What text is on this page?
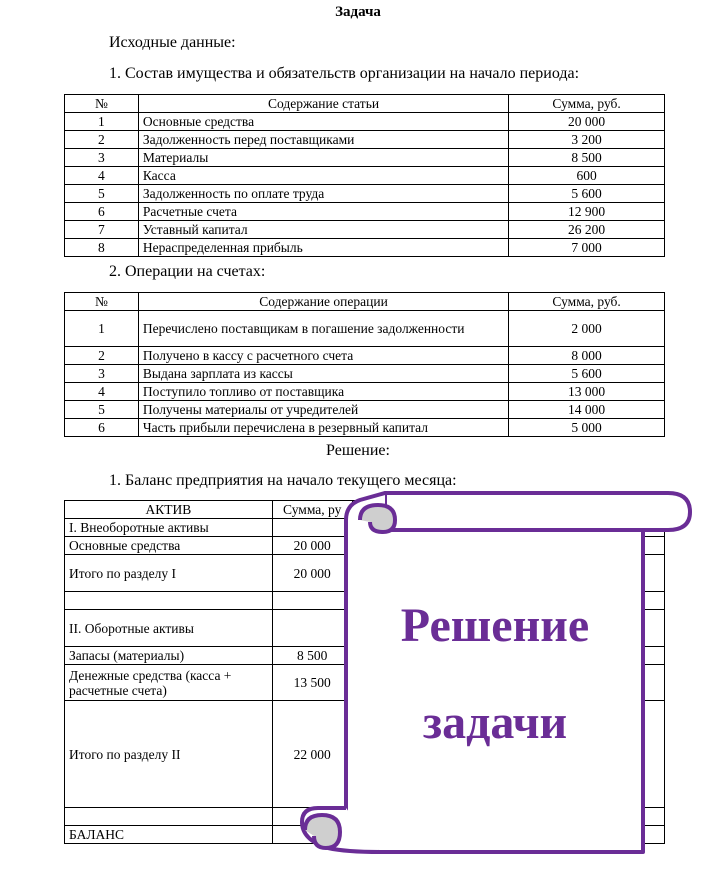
Задача
Исходные данные:
1. Состав имущества и обязательств организации на начало периода:
№	Содержание статьи	Сумма, руб.
1	Основные средства	20 000
2	Задолженность перед поставщиками	3 200
3	Материалы	8 500
4	Касса	600
5	Задолженность по оплате труда	5 600
6	Расчетные счета	12 900
7	Уставный капитал	26 200
8	Нераспределенная прибыль	7 000
2. Операции на счетах:
№	Содержание операции	Сумма, руб.
1	Перечислено поставщикам в погашение задолженности	2 000
2	Получено в кассу с расчетного счета	8 000
3	Выдана зарплата из кассы	5 600
4	Поступило топливо от поставщика	13 000
5	Получены материалы от учредителей	14 000
6	Часть прибыли перечислена в резервный капитал	5 000
Решение:
1. Баланс предприятия на начало текущего месяца:
АКТИВ	Сумма, ру	
I. Внеоборотные активы		
Основные средства	20 000	
Итого по разделу I	20 000	

II. Оборотные активы		
Запасы (материалы)	8 500	
Денежные средства (касса + расчетные счета)	13 500	
Итого по разделу II	22 000	

БАЛАНС		
Решение
задачи
